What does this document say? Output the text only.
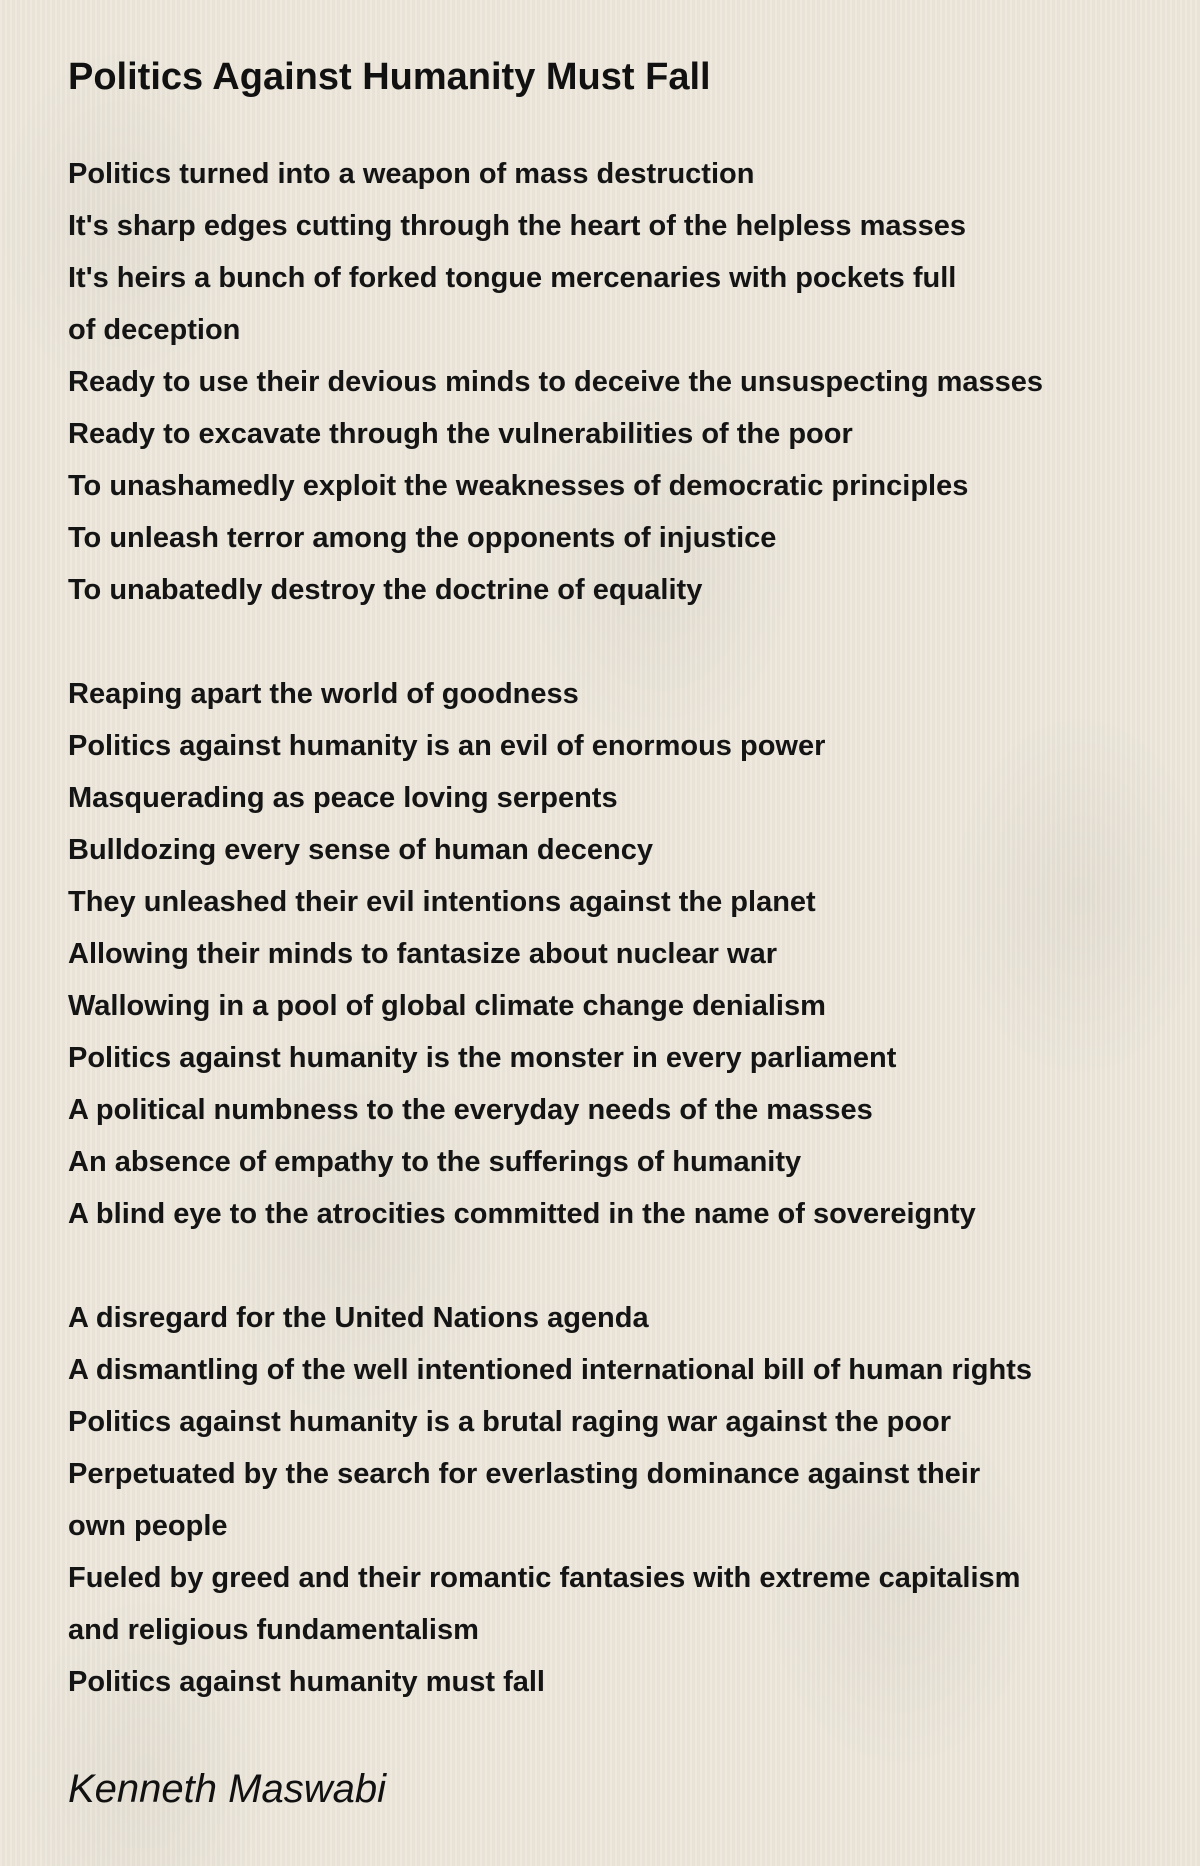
Politics Against Humanity Must Fall
Politics turned into a weapon of mass destruction
It's sharp edges cutting through the heart of the helpless masses
It's heirs a bunch of forked tongue mercenaries with pockets full
of deception
Ready to use their devious minds to deceive the unsuspecting masses
Ready to excavate through the vulnerabilities of the poor
To unashamedly exploit the weaknesses of democratic principles
To unleash terror among the opponents of injustice
To unabatedly destroy the doctrine of equality
Reaping apart the world of goodness
Politics against humanity is an evil of enormous power
Masquerading as peace loving serpents
Bulldozing every sense of human decency
They unleashed their evil intentions against the planet
Allowing their minds to fantasize about nuclear war
Wallowing in a pool of global climate change denialism
Politics against humanity is the monster in every parliament
A political numbness to the everyday needs of the masses
An absence of empathy to the sufferings of humanity
A blind eye to the atrocities committed in the name of sovereignty
A disregard for the United Nations agenda
A dismantling of the well intentioned international bill of human rights
Politics against humanity is a brutal raging war against the poor
Perpetuated by the search for everlasting dominance against their
own people
Fueled by greed and their romantic fantasies with extreme capitalism
and religious fundamentalism
Politics against humanity must fall
Kenneth Maswabi
